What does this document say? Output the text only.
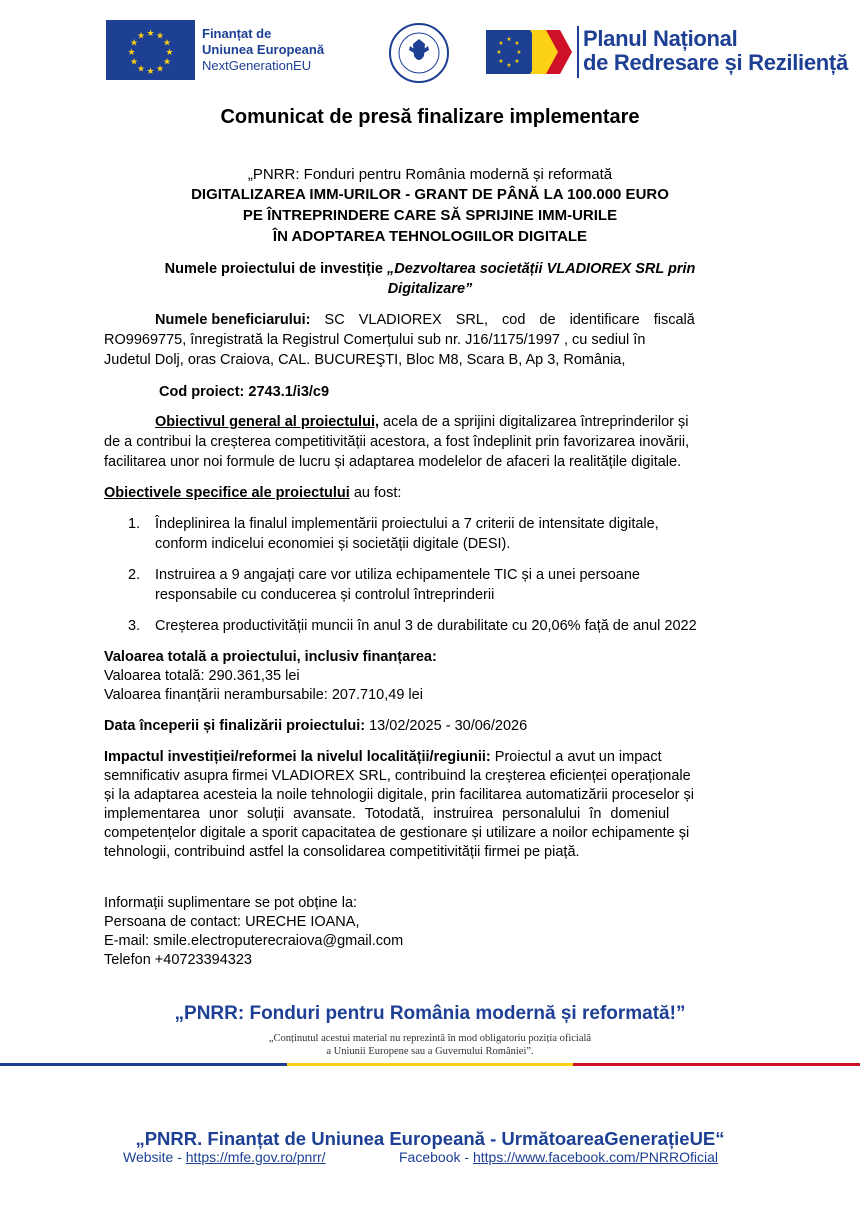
★ ★
★
★
★
★
★
★
★
★
★
★	Finanțat de
Uniunea Europeană
NextGenerationEU
★
★
★
★
★
★
★
★	Planul Național
de Redresare și Reziliență
Comunicat de presă finalizare implementare
„PNRR: Fonduri pentru România modernă și reformată
DIGITALIZAREA IMM-URILOR - GRANT DE PÂNĂ LA 100.000 EURO
PE ÎNTREPRINDERE CARE SĂ SPRIJINE IMM-URILE
ÎN ADOPTAREA TEHNOLOGIILOR DIGITALE
Numele proiectului de investiție „Dezvoltarea societății VLADIOREX SRL prin
Digitalizare”
Numele beneficiarului: SC VLADIOREX SRL, cod de identificare fiscală
RO9969775, înregistrată la Registrul Comerțului sub nr. J16/1175/1997 , cu sediul în
Judetul Dolj, oras Craiova, CAL. BUCUREŞTI, Bloc M8, Scara B, Ap 3, România,
Cod proiect: 2743.1/i3/c9
Obiectivul general al proiectului, acela de a sprijini digitalizarea întreprinderilor și
de a contribui la creșterea competitivității acestora, a fost îndeplinit prin favorizarea inovării,
facilitarea unor noi formule de lucru și adaptarea modelelor de afaceri la realitățile digitale.
Obiectivele specifice ale proiectului au fost:
1. Îndeplinirea la finalul implementării proiectului a 7 criterii de intensitate digitale,
conform indicelui economiei și societății digitale (DESI).
2. Instruirea a 9 angajați care vor utiliza echipamentele TIC și a unei persoane
responsabile cu conducerea și controlul întreprinderii
3. Creșterea productivității muncii în anul 3 de durabilitate cu 20,06% față de anul 2022
Valoarea totală a proiectului, inclusiv finanțarea:
Valoarea totală: 290.361,35 lei
Valoarea finanțării nerambursabile: 207.710,49 lei
Data începerii și finalizării proiectului: 13/02/2025 - 30/06/2026
Impactul investiției/reformei la nivelul localității/regiunii: Proiectul a avut un impact
semnificativ asupra firmei VLADIOREX SRL, contribuind la creșterea eficienței operaționale
și la adaptarea acesteia la noile tehnologii digitale, prin facilitarea automatizării proceselor și
implementarea unor soluții avansate. Totodată, instruirea personalului în domeniul
competențelor digitale a sporit capacitatea de gestionare și utilizare a noilor echipamente și
tehnologii, contribuind astfel la consolidarea competitivității firmei pe piață.
Informații suplimentare se pot obține la:
Persoana de contact: URECHE IOANA,
E-mail: smile.electroputerecraiova@gmail.com
Telefon +40723394323
„PNRR: Fonduri pentru România modernă și reformată!”
„Conținutul acestui material nu reprezintă în mod obligatoriu poziția oficială
a Uniunii Europene sau a Guvernului României”.
„PNRR. Finanțat de Uniunea Europeană - UrmătoareaGenerațieUE“
Website - https://mfe.gov.ro/pnrr/	Facebook - https://www.facebook.com/PNRROficial
